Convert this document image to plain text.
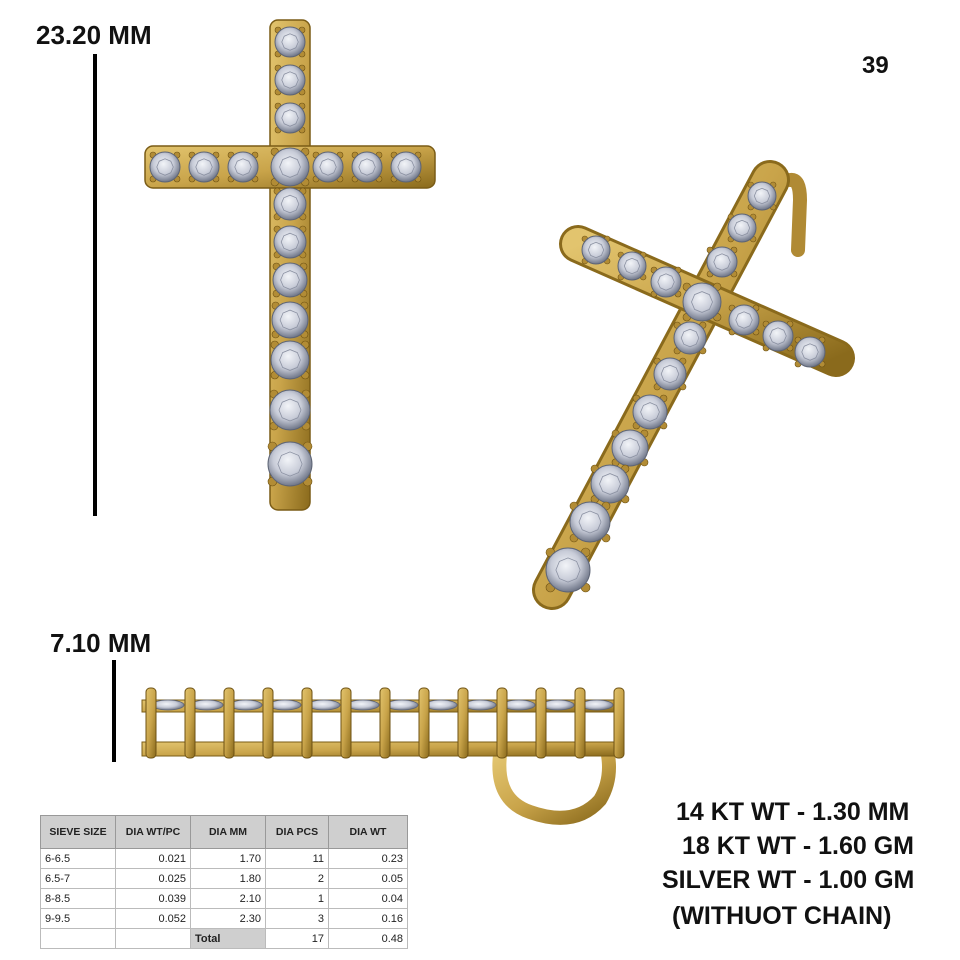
23.20 MM
7.10 MM
39
SIEVE SIZE	DIA WT/PC	DIA MM	DIA PCS	DIA WT
6-6.5	0.021	1.70	11	0.23
6.5-7	0.025	1.80	2	0.05
8-8.5	0.039	2.10	1	0.04
9-9.5	0.052	2.30	3	0.16
		Total	17	0.48
14 KT WT - 1.30 MM
18 KT WT - 1.60 GM
SILVER WT - 1.00 GM
(WITHUOT CHAIN)
